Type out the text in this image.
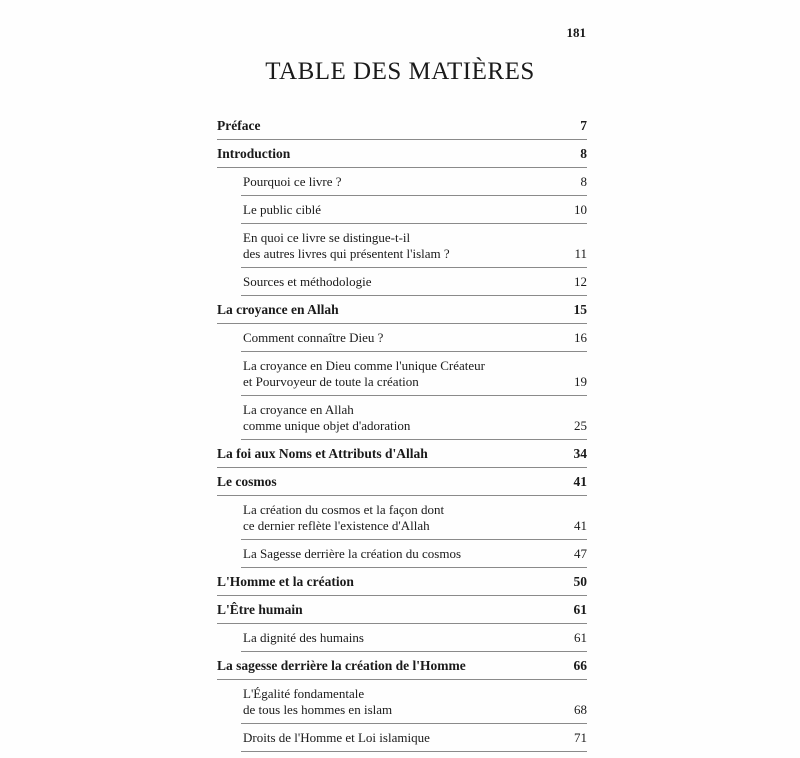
181
TABLE DES MATIÈRES
Préface	7
Introduction	8
Pourquoi ce livre ?	8
Le public ciblé	10
En quoi ce livre se distingue-t-il
des autres livres qui présentent l'islam ?	11
Sources et méthodologie	12
La croyance en Allah	15
Comment connaître Dieu ?	16
La croyance en Dieu comme l'unique Créateur
et Pourvoyeur de toute la création	19
La croyance en Allah
comme unique objet d'adoration	25
La foi aux Noms et Attributs d'Allah	34
Le cosmos	41
La création du cosmos et la façon dont
ce dernier reflète l'existence d'Allah	41
La Sagesse derrière la création du cosmos	47
L'Homme et la création	50
L'Être humain	61
La dignité des humains	61
La sagesse derrière la création de l'Homme	66
L'Égalité fondamentale
de tous les hommes en islam	68
Droits de l'Homme et Loi islamique	71
